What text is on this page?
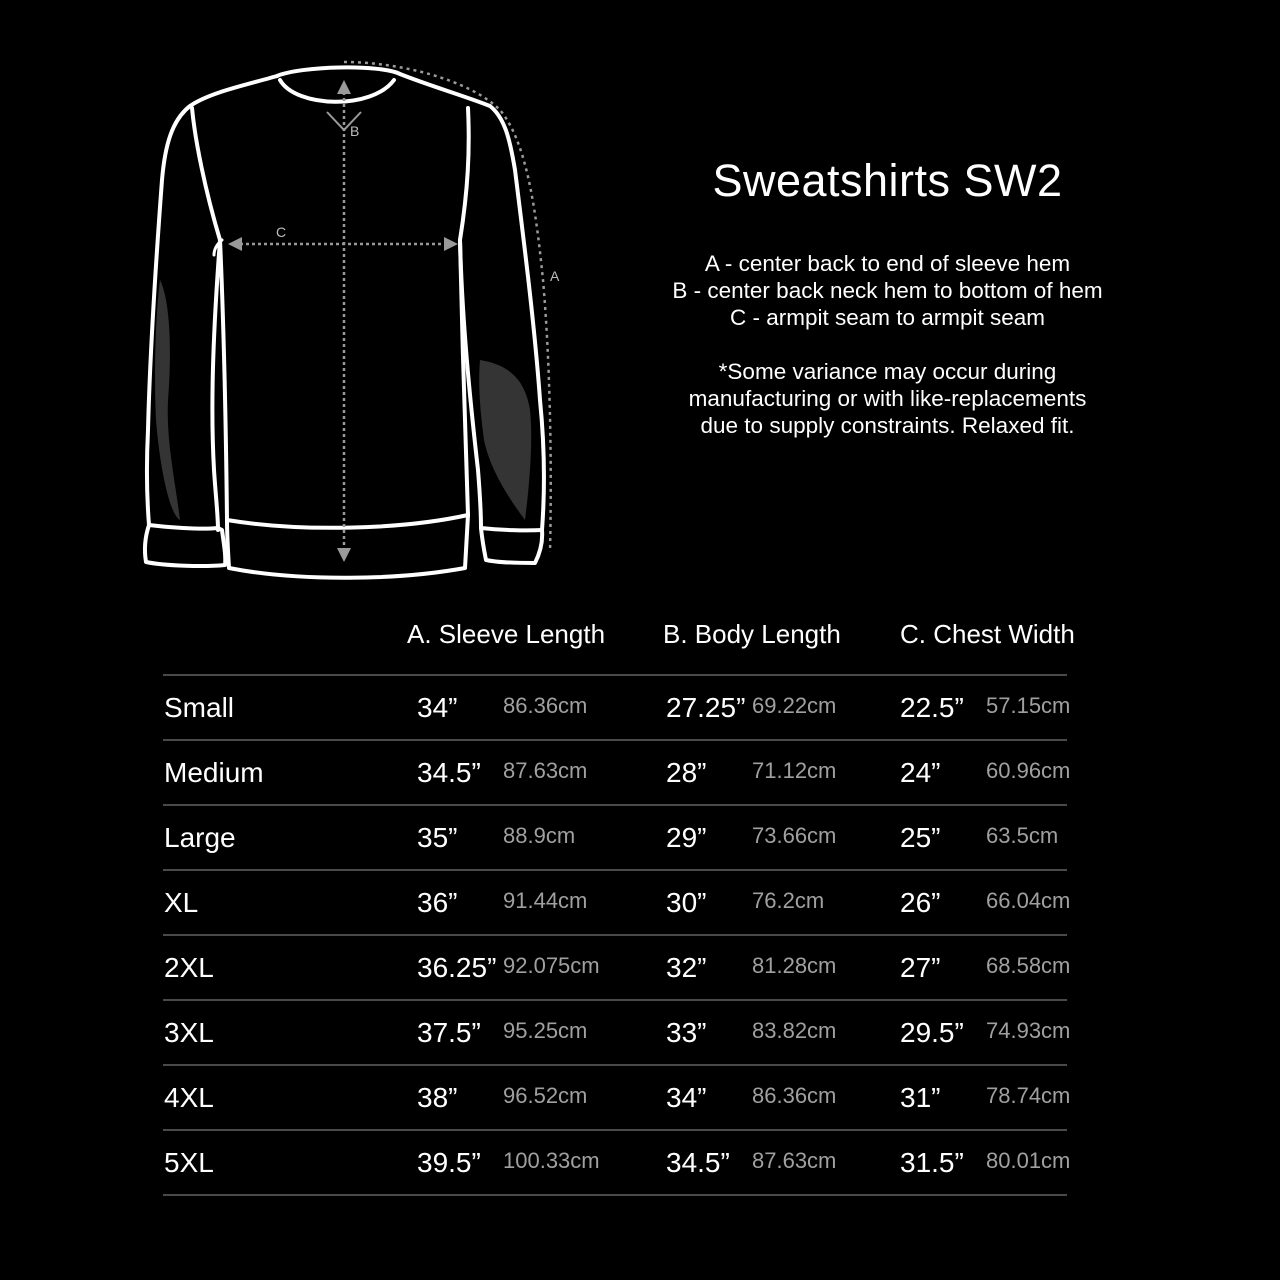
B
C
A
Sweatshirts SW2
A - center back to end of sleeve hem
B - center back neck hem to bottom of hem
C - armpit seam to armpit seam
*Some variance may occur during
manufacturing or with like-replacements
due to supply constraints. Relaxed fit.
A. Sleeve Length B. Body Length C. Chest Width
Small	34” 86.36cm	27.25” 69.22cm 22.5” 57.15cm
Medium	34.5” 87.63cm	28” 71.12cm 24” 60.96cm
Large	35” 88.9cm	29” 73.66cm 25” 63.5cm
XL	36” 91.44cm	30” 76.2cm	26” 66.04cm
2XL	36.25” 92.075cm 32” 81.28cm 27” 68.58cm
3XL	37.5” 95.25cm	33” 83.82cm 29.5” 74.93cm
4XL	38” 96.52cm	34” 86.36cm 31” 78.74cm
5XL	39.5” 100.33cm 34.5” 87.63cm 31.5” 80.01cm
